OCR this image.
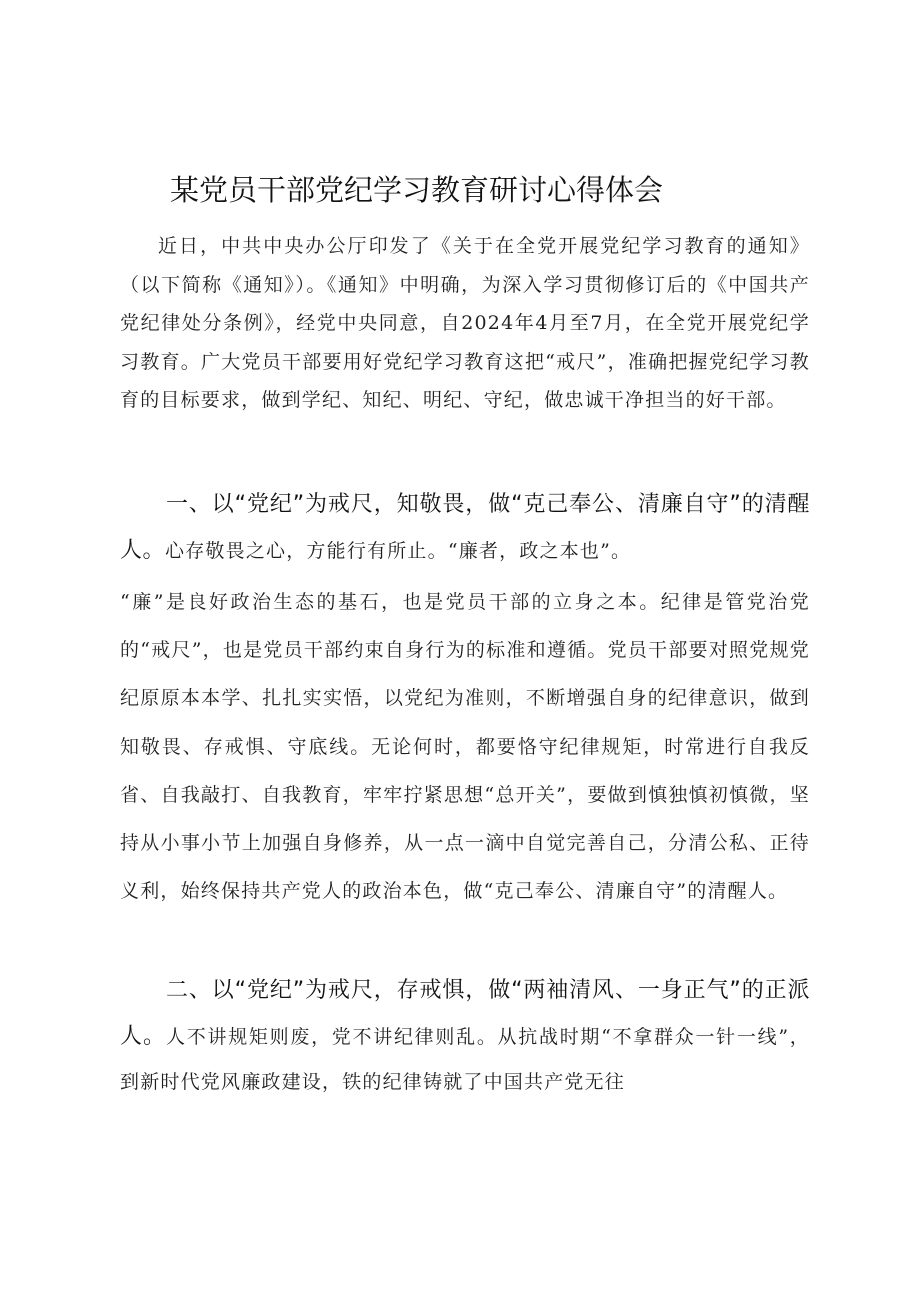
某党员干部党纪学习教育研讨心得体会
近日，中共中央办公厅印发了《关于在全党开展党纪学习教育的通知》（以下简称《通知》）。《通知》中明确，为深入学习贯彻修订后的《中国共产党纪律处分条例》，经党中央同意，自2024年4月至7月，在全党开展党纪学习教育。广大党员干部要用好党纪学习教育这把“戒尺”，准确把握党纪学习教育的目标要求，做到学纪、知纪、明纪、守纪，做忠诚干净担当的好干部。
一、以“党纪”为戒尺，知敬畏，做“克己奉公、清廉自守”的清醒人。心存敬畏之心，方能行有所止。“廉者，政之本也”。
“廉”是良好政治生态的基石，也是党员干部的立身之本。纪律是管党治党的“戒尺”，也是党员干部约束自身行为的标准和遵循。党员干部要对照党规党纪原原本本学、扎扎实实悟，以党纪为准则，不断增强自身的纪律意识，做到知敬畏、存戒惧、守底线。无论何时，都要恪守纪律规矩，时常进行自我反省、自我敲打、自我教育，牢牢拧紧思想“总开关”，要做到慎独慎初慎微，坚持从小事小节上加强自身修养，从一点一滴中自觉完善自己，分清公私、正待义利，始终保持共产党人的政治本色，做“克己奉公、清廉自守”的清醒人。
二、以“党纪”为戒尺，存戒惧，做“两袖清风、一身正气”的正派人。人不讲规矩则废，党不讲纪律则乱。从抗战时期“不拿群众一针一线”，到新时代党风廉政建设，铁的纪律铸就了中国共产党无往
